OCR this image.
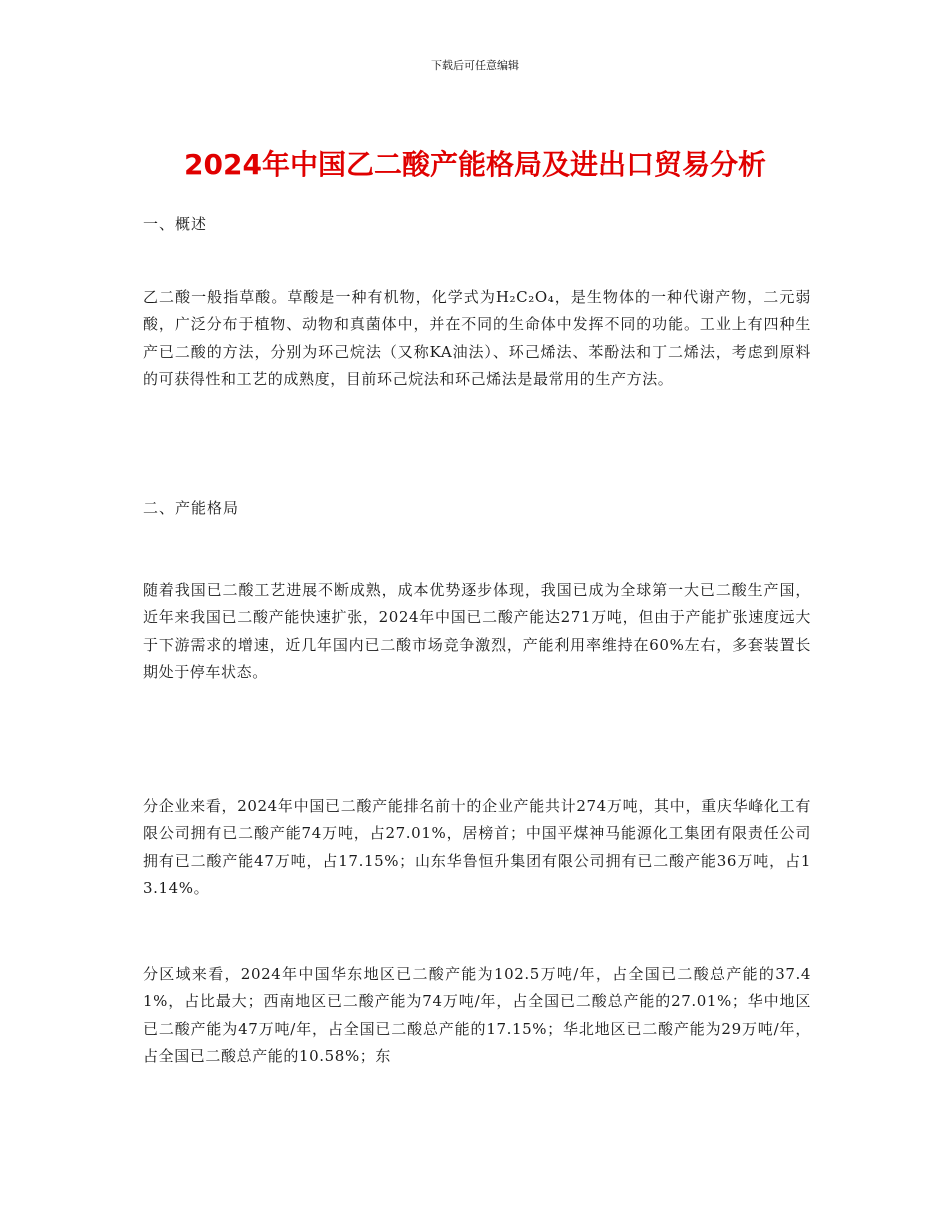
下载后可任意编辑
2024年中国乙二酸产能格局及进出口贸易分析
一、概述

乙二酸一般指草酸。草酸是一种有机物，化学式为H₂C₂O₄，是生物体的一种代谢产物，二元弱酸，广泛分布于植物、动物和真菌体中，并在不同的生命体中发挥不同的功能。工业上有四种生产已二酸的方法，分别为环己烷法（又称KA油法）、环己烯法、苯酚法和丁二烯法，考虑到原料的可获得性和工艺的成熟度，目前环己烷法和环己烯法是最常用的生产方法。

二、产能格局

随着我国已二酸工艺进展不断成熟，成本优势逐步体现，我国已成为全球第一大已二酸生产国，近年来我国已二酸产能快速扩张，2024年中国已二酸产能达271万吨，但由于产能扩张速度远大于下游需求的增速，近几年国内已二酸市场竞争激烈，产能利用率维持在60%左右，多套装置长期处于停车状态。

分企业来看，2024年中国已二酸产能排名前十的企业产能共计274万吨，其中，重庆华峰化工有限公司拥有已二酸产能74万吨，占27.01%，居榜首；中国平煤神马能源化工集团有限责任公司拥有已二酸产能47万吨，占17.15%；山东华鲁恒升集团有限公司拥有已二酸产能36万吨，占13.14%。

分区域来看，2024年中国华东地区已二酸产能为102.5万吨/年，占全国已二酸总产能的37.41%，占比最大；西南地区已二酸产能为74万吨/年，占全国已二酸总产能的27.01%；华中地区已二酸产能为47万吨/年，占全国已二酸总产能的17.15%；华北地区已二酸产能为29万吨/年，占全国已二酸总产能的10.58%；东
